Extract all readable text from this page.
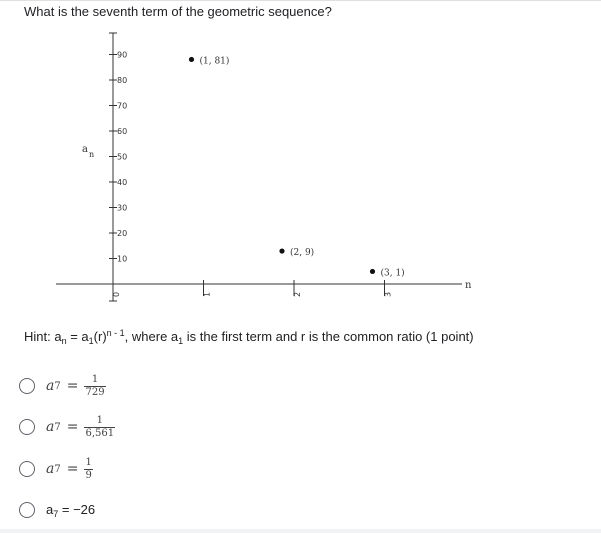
What is the seventh term of the geometric sequence?
a n
n
90
80
70
60
50
40
30
20
10
0	1	2	3
(1, 81)
(2, 9)
(3, 1)
Hint: $a_n = a_1(r)^{n - 1}$, where $a_1$ is the first term and r is the common ratio (1 point)
a $7 = \frac{1}{729}$
a $7 = \frac{1}{6,561}$
a $7 = \frac{1}{9}$
$a_7 = -26$
